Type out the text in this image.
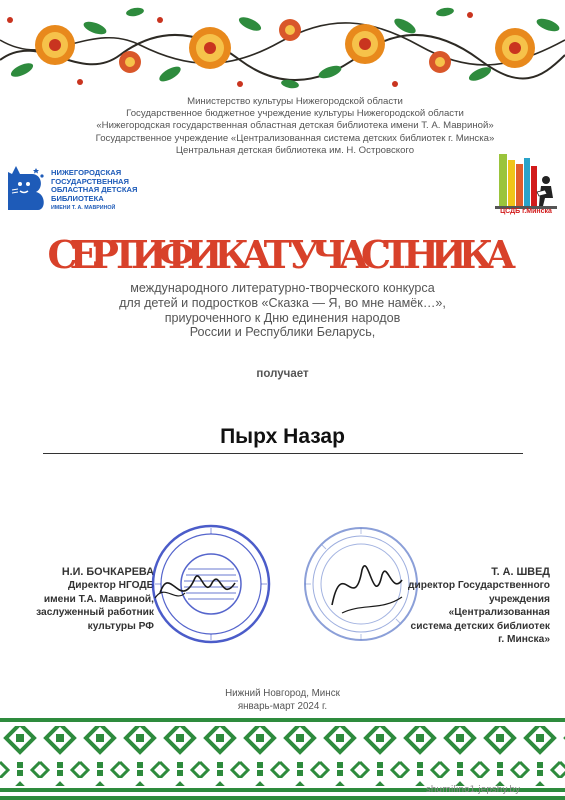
Министерство культуры Нижегородской области
Государственное бюджетное учреждение культуры Нижегородской области
«Нижегородская государственная областная детская библиотека имени Т. А. Мавриной»
Государственное учреждение «Централизованная система детских библиотек г. Минска»
Центральная детская библиотека им. Н. Островского
НИЖЕГОРОДСКАЯ
ГОСУДАРСТВЕННАЯ
ОБЛАСТНАЯ ДЕТСКАЯ
БИБЛИОТЕКА
ИМЕНИ Т. А. МАВРИНОЙ	ЦСДБ г.Минска
СЕРТИФИКАТ УЧАСТНИКА
международного литературно-творческого конкурса
для детей и подростков «Сказка — Я, во мне намёк…»,
приуроченного к Дню единения народов
России и Республики Беларусь,
получает
Пырх Назар
Н.И. БОЧКАРЕВА
Директор НГОДБ
имени Т.А. Мавриной,
заслуженный работник
культуры РФ
Т. А. ШВЕД
директор Государственного
учреждения «Централизованная
система детских библиотек
г. Минска»
Нижний Новгород, Минск
январь-март 2024 г.
shumilino1.jepshy.by
